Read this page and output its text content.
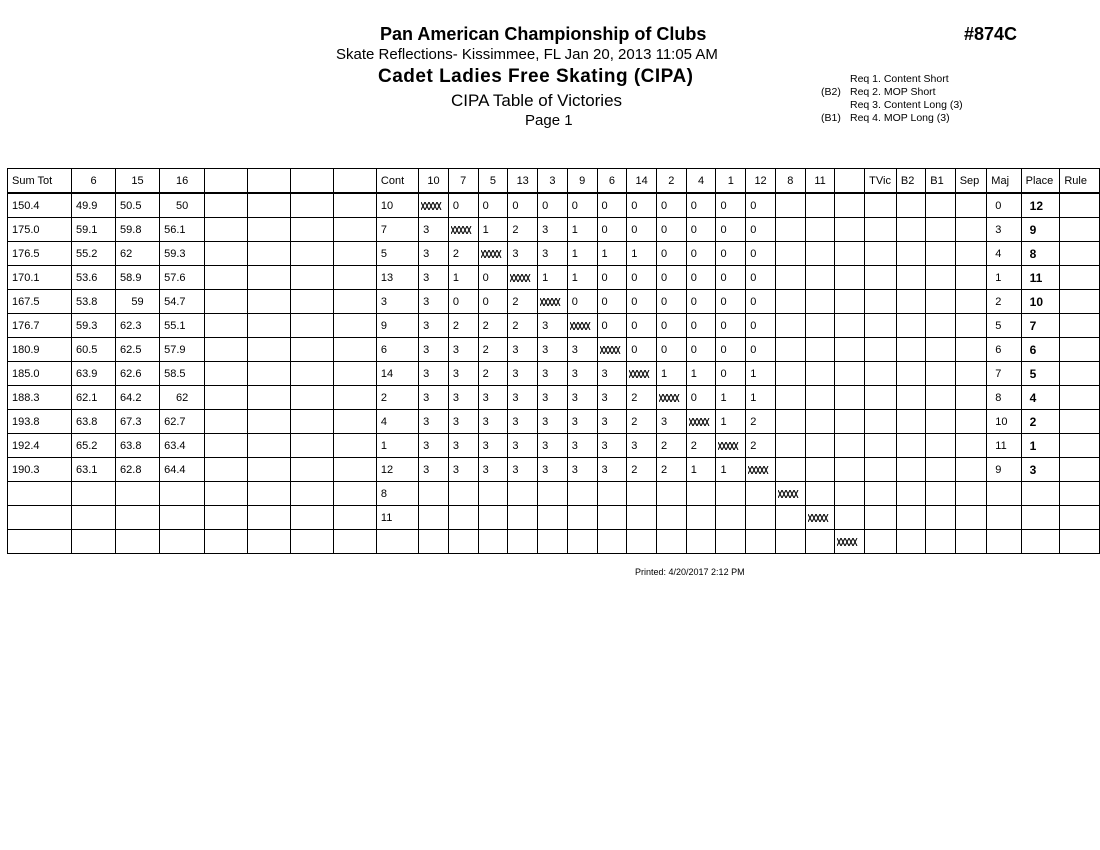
Pan American Championship of Clubs	#874C
Skate Reflections- Kissimmee, FL Jan 20, 2013 11:05 AM
Cadet Ladies Free Skating (CIPA)
CIPA Table of Victories
Page 1
Req 1. Content Short
(B2) Req 2. MOP Short
Req 3. Content Long (3)
(B1) Req 4. MOP Long (3)
Sum Tot	6	15	16					Cont	10	7	5	13	3	9	6	14	2	4	1	12	8	11		TVic	B2	B1	Sep	Maj	Place	Rule
150.4	49.9	50.5	50					10		0	0	0	0	0	0	0	0	0	0	0								0	12	
175.0	59.1	59.8	56.1					7	3		1	2	3	1	0	0	0	0	0	0								3	9	
176.5	55.2	62	59.3					5	3	2		3	3	1	1	1	0	0	0	0								4	8	
170.1	53.6	58.9	57.6					13	3	1	0		1	1	0	0	0	0	0	0								1	11	
167.5	53.8	59	54.7					3	3	0	0	2		0	0	0	0	0	0	0								2	10	
176.7	59.3	62.3	55.1					9	3	2	2	2	3		0	0	0	0	0	0								5	7	
180.9	60.5	62.5	57.9					6	3	3	2	3	3	3		0	0	0	0	0								6	6	
185.0	63.9	62.6	58.5					14	3	3	2	3	3	3	3		1	1	0	1								7	5	
188.3	62.1	64.2	62					2	3	3	3	3	3	3	3	2		0	1	1								8	4	
193.8	63.8	67.3	62.7					4	3	3	3	3	3	3	3	2	3		1	2								10	2	
192.4	65.2	63.8	63.4					1	3	3	3	3	3	3	3	3	2	2		2								11	1	
190.3	63.1	62.8	64.4					12	3	3	3	3	3	3	3	2	2	1	1									9	3	
								8																						
								11																						

Printed: 4/20/2017 2:12 PM
